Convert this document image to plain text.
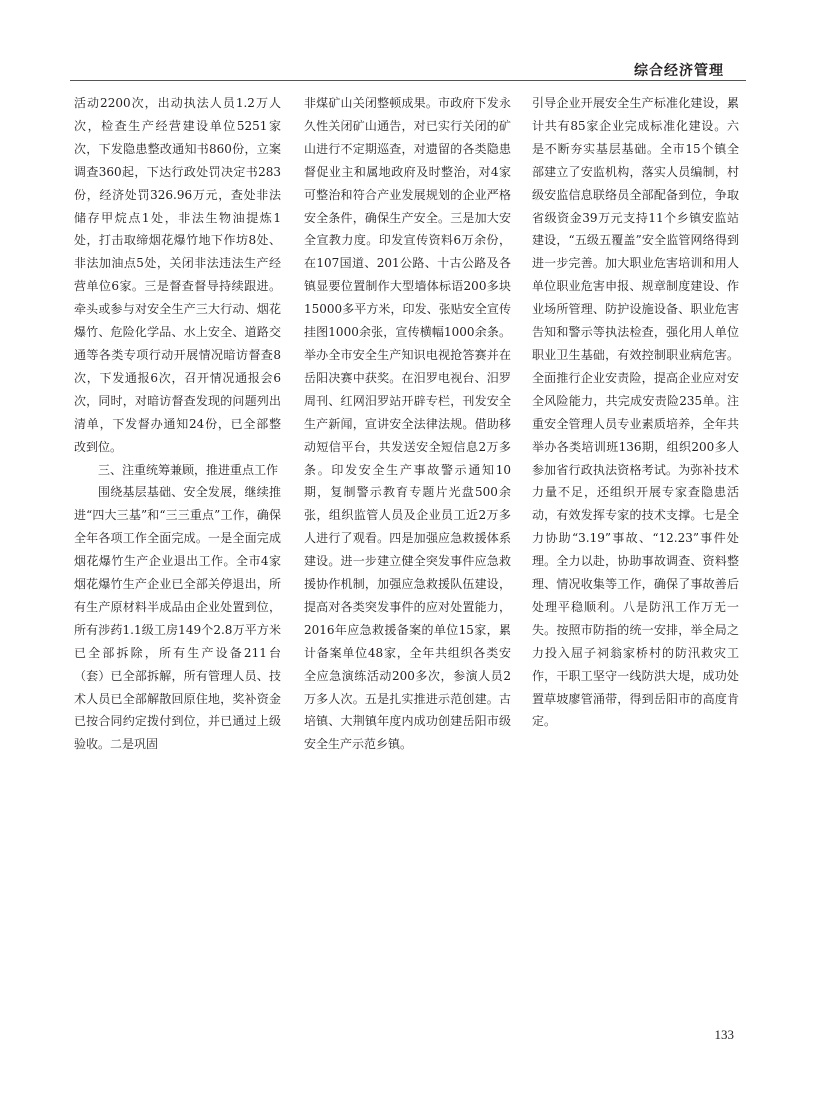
综合经济管理

活动2200次，出动执法人员1.2万人次，检查生产经营建设单位5251家次，下发隐患整改通知书860份，立案调查360起，下达行政处罚决定书283份，经济处罚326.96万元，查处非法储存甲烷点1处，非法生物油提炼1处，打击取缔烟花爆竹地下作坊8处、非法加油点5处，关闭非法违法生产经营单位6家。三是督查督导持续跟进。牵头或参与对安全生产三大行动、烟花爆竹、危险化学品、水上安全、道路交通等各类专项行动开展情况暗访督查8次，下发通报6次，召开情况通报会6次，同时，对暗访督查发现的问题列出清单，下发督办通知24份，已全部整改到位。

三、注重统筹兼顾，推进重点工作

围绕基层基础、安全发展，继续推进“四大三基”和“三三重点”工作，确保全年各项工作全面完成。一是全面完成烟花爆竹生产企业退出工作。全市4家烟花爆竹生产企业已全部关停退出，所有生产原材料半成品由企业处置到位，所有涉药1.1级工房149个2.8万平方米已全部拆除，所有生产设备211台（套）已全部拆解，所有管理人员、技术人员已全部解散回原住地，奖补资金已按合同约定拨付到位，并已通过上级验收。二是巩固

非煤矿山关闭整顿成果。市政府下发永久性关闭矿山通告，对已实行关闭的矿山进行不定期巡查，对遗留的各类隐患督促业主和属地政府及时整治，对4家可整治和符合产业发展规划的企业严格安全条件，确保生产安全。三是加大安全宣教力度。印发宣传资料6万余份，在107国道、201公路、十古公路及各镇显要位置制作大型墙体标语200多块15000多平方米，印发、张贴安全宣传挂图1000余张，宣传横幅1000余条。举办全市安全生产知识电视抢答赛并在岳阳决赛中获奖。在汨罗电视台、汨罗周刊、红网汨罗站开辟专栏，刊发安全生产新闻，宣讲安全法律法规。借助移动短信平台，共发送安全短信息2万多条。印发安全生产事故警示通知10期，复制警示教育专题片光盘500余张，组织监管人员及企业员工近2万多人进行了观看。四是加强应急救援体系建设。进一步建立健全突发事件应急救援协作机制，加强应急救援队伍建设，提高对各类突发事件的应对处置能力，2016年应急救援备案的单位15家，累计备案单位48家，全年共组织各类安全应急演练活动200多次，参演人员2万多人次。五是扎实推进示范创建。古培镇、大荆镇年度内成功创建岳阳市级安全生产示范乡镇。

引导企业开展安全生产标准化建设，累计共有85家企业完成标准化建设。六是不断夯实基层基础。全市15个镇全部建立了安监机构，落实人员编制，村级安监信息联络员全部配备到位，争取省级资金39万元支持11个乡镇安监站建设，“五级五覆盖”安全监管网络得到进一步完善。加大职业危害培训和用人单位职业危害申报、规章制度建设、作业场所管理、防护设施设备、职业危害告知和警示等执法检查，强化用人单位职业卫生基础，有效控制职业病危害。全面推行企业安责险，提高企业应对安全风险能力，共完成安责险235单。注重安全管理人员专业素质培养，全年共举办各类培训班136期，组织200多人参加省行政执法资格考试。为弥补技术力量不足，还组织开展专家查隐患活动，有效发挥专家的技术支撑。七是全力协助“3.19”事故、“12.23”事件处理。全力以赴，协助事故调查、资料整理、情况收集等工作，确保了事故善后处理平稳顺利。八是防汛工作万无一失。按照市防指的统一安排，举全局之力投入屈子祠翁家桥村的防汛救灾工作，干职工坚守一线防洪大堤，成功处置草坡廖管涌带，得到岳阳市的高度肯定。

133
